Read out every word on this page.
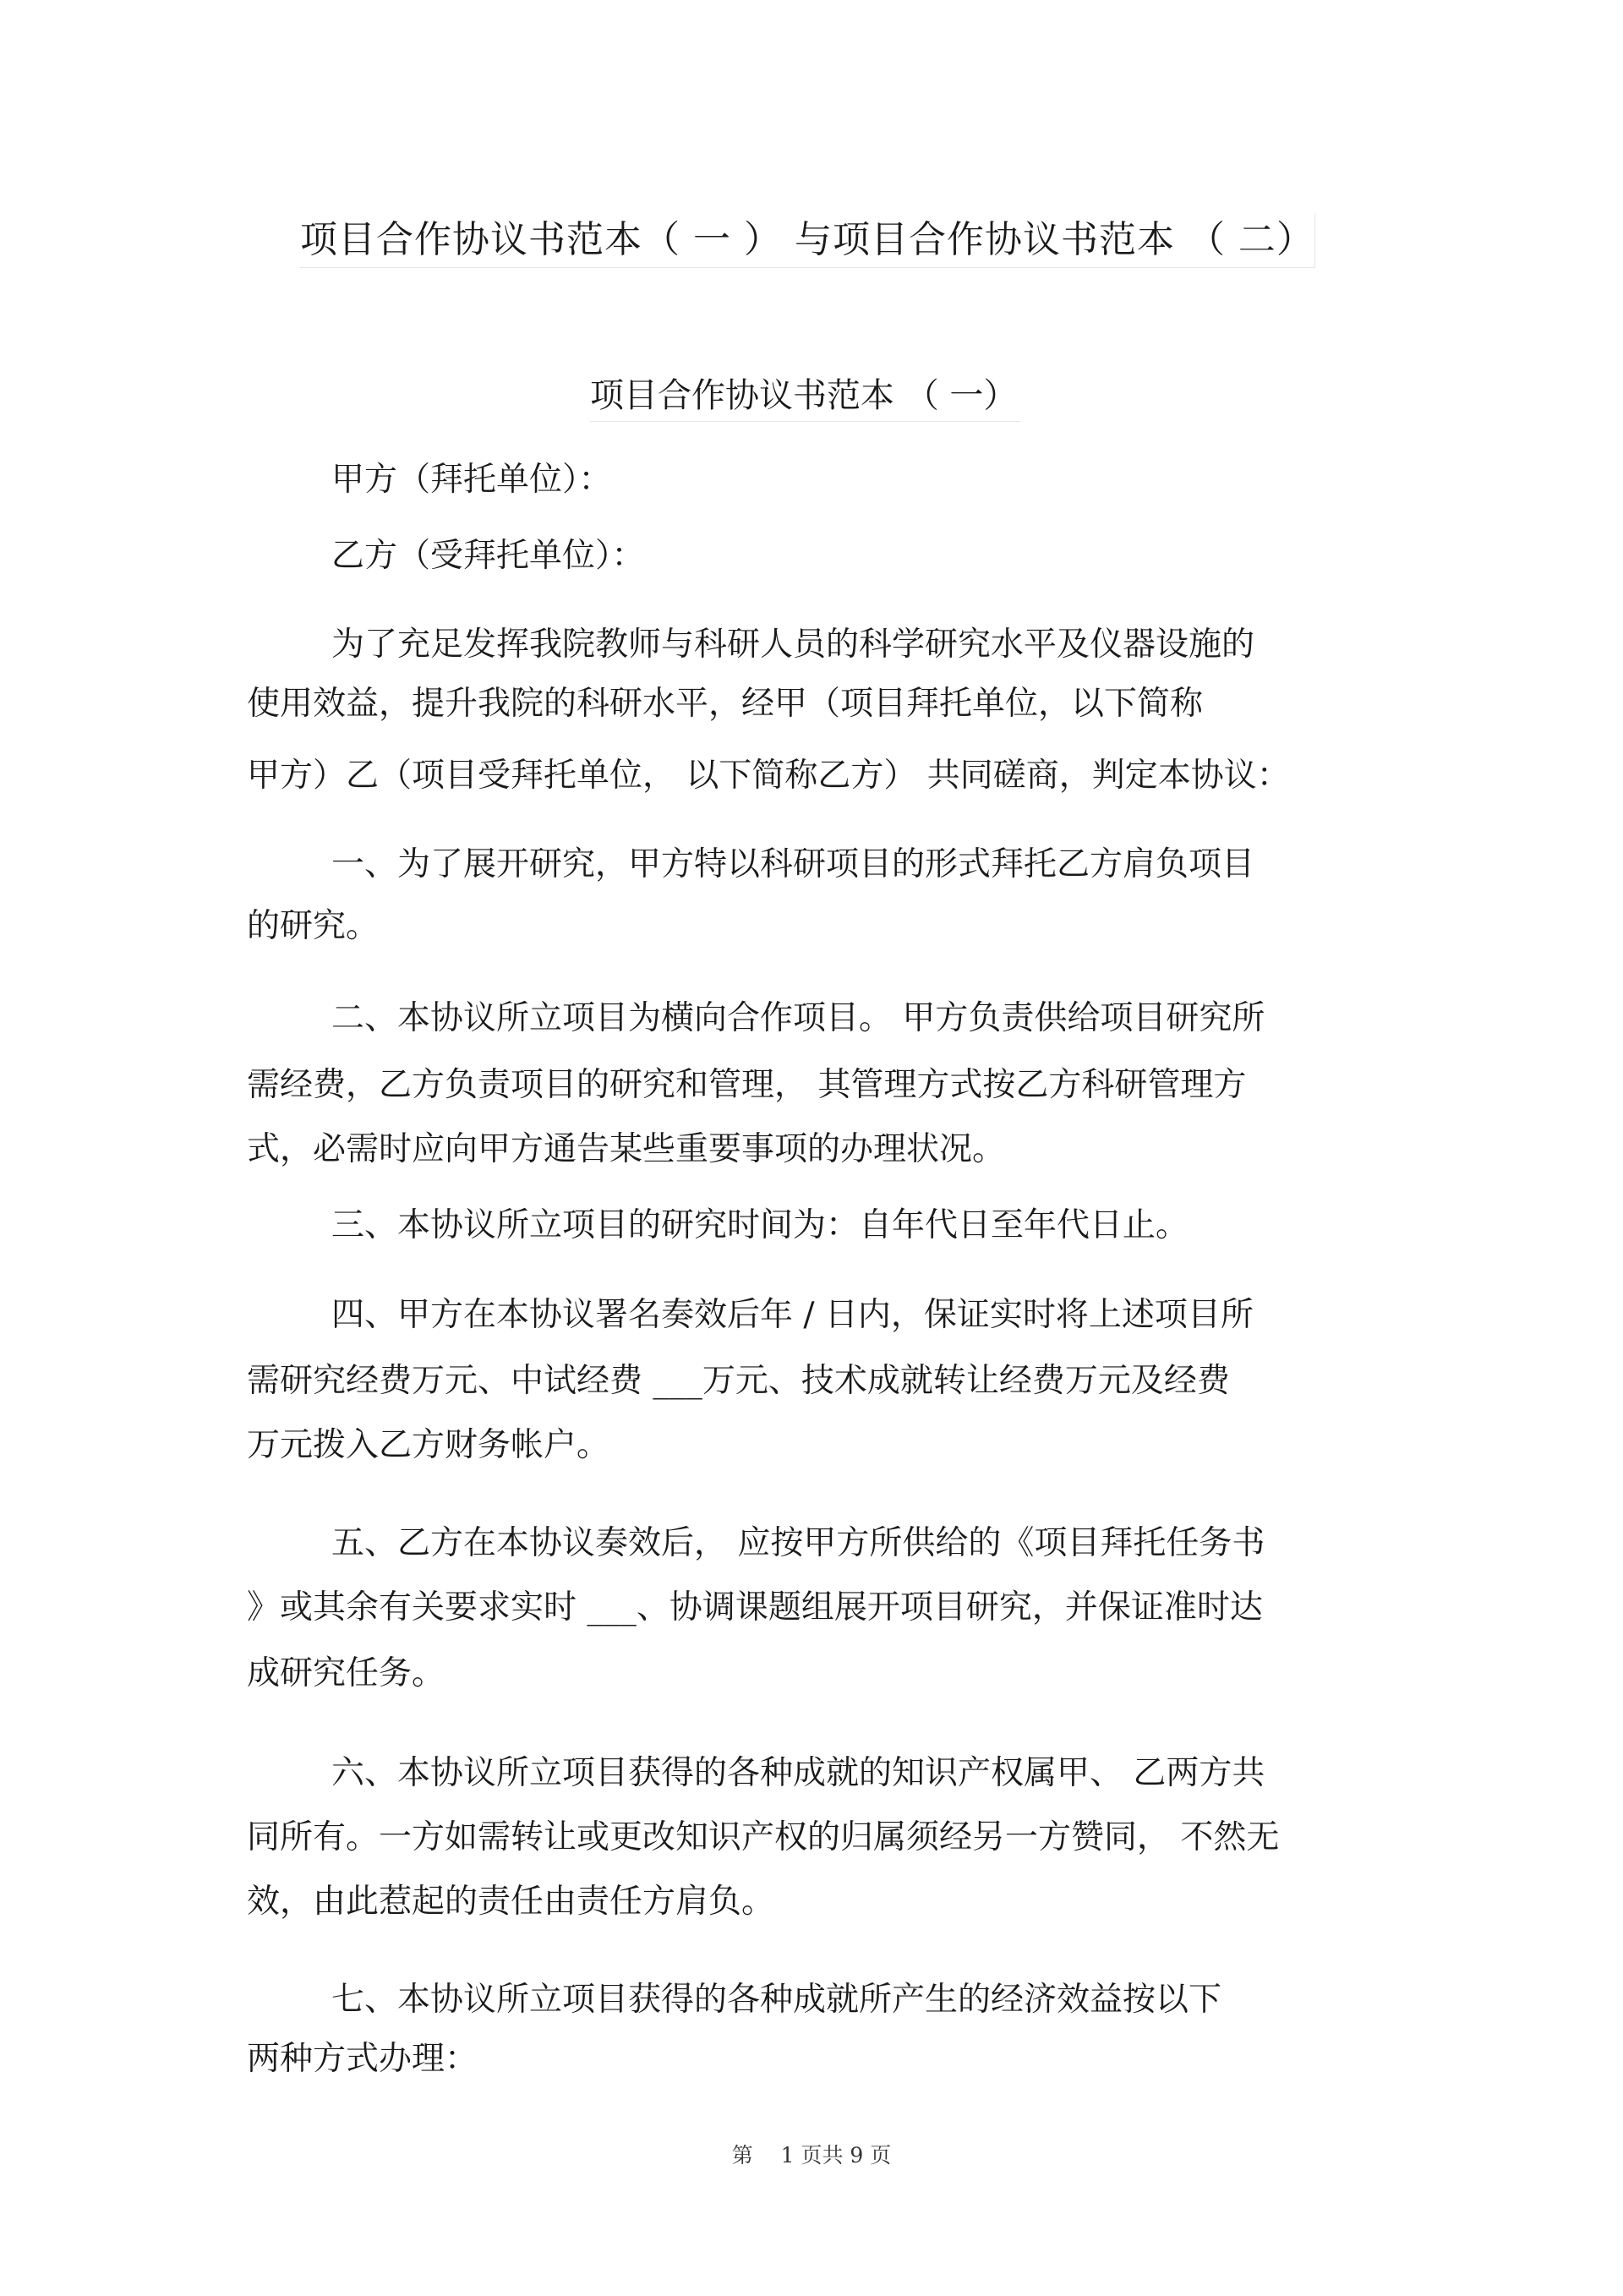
项目合作协议书范本（ 一 ） 与项目合作协议书范本 （ 二）
项目合作协议书范本 （ 一）
甲方（拜托单位）：
乙方（受拜托单位）：
为了充足发挥我院教师与科研人员的科学研究水平及仪器设施的
使用效益，提升我院的科研水平，经甲（项目拜托单位，以下简称
甲方）乙（项目受拜托单位， 以下简称乙方） 共同磋商，判定本协议：
一、为了展开研究，甲方特以科研项目的形式拜托乙方肩负项目
的研究。
二、本协议所立项目为横向合作项目。 甲方负责供给项目研究所
需经费，乙方负责项目的研究和管理， 其管理方式按乙方科研管理方
式，必需时应向甲方通告某些重要事项的办理状况。
三、本协议所立项目的研究时间为：自年代日至年代日止。
四、甲方在本协议署名奏效后年 / 日内，保证实时将上述项目所
需研究经费万元、中试经费 ___万元、技术成就转让经费万元及经费
万元拨入乙方财务帐户。
五、乙方在本协议奏效后， 应按甲方所供给的《项目拜托任务书
》或其余有关要求实时 ___、协调课题组展开项目研究，并保证准时达
成研究任务。
六、本协议所立项目获得的各种成就的知识产权属甲、 乙两方共
同所有。一方如需转让或更改知识产权的归属须经另一方赞同， 不然无
效，由此惹起的责任由责任方肩负。
七、本协议所立项目获得的各种成就所产生的经济效益按以下
两种方式办理：
第　 1 页共 9 页
